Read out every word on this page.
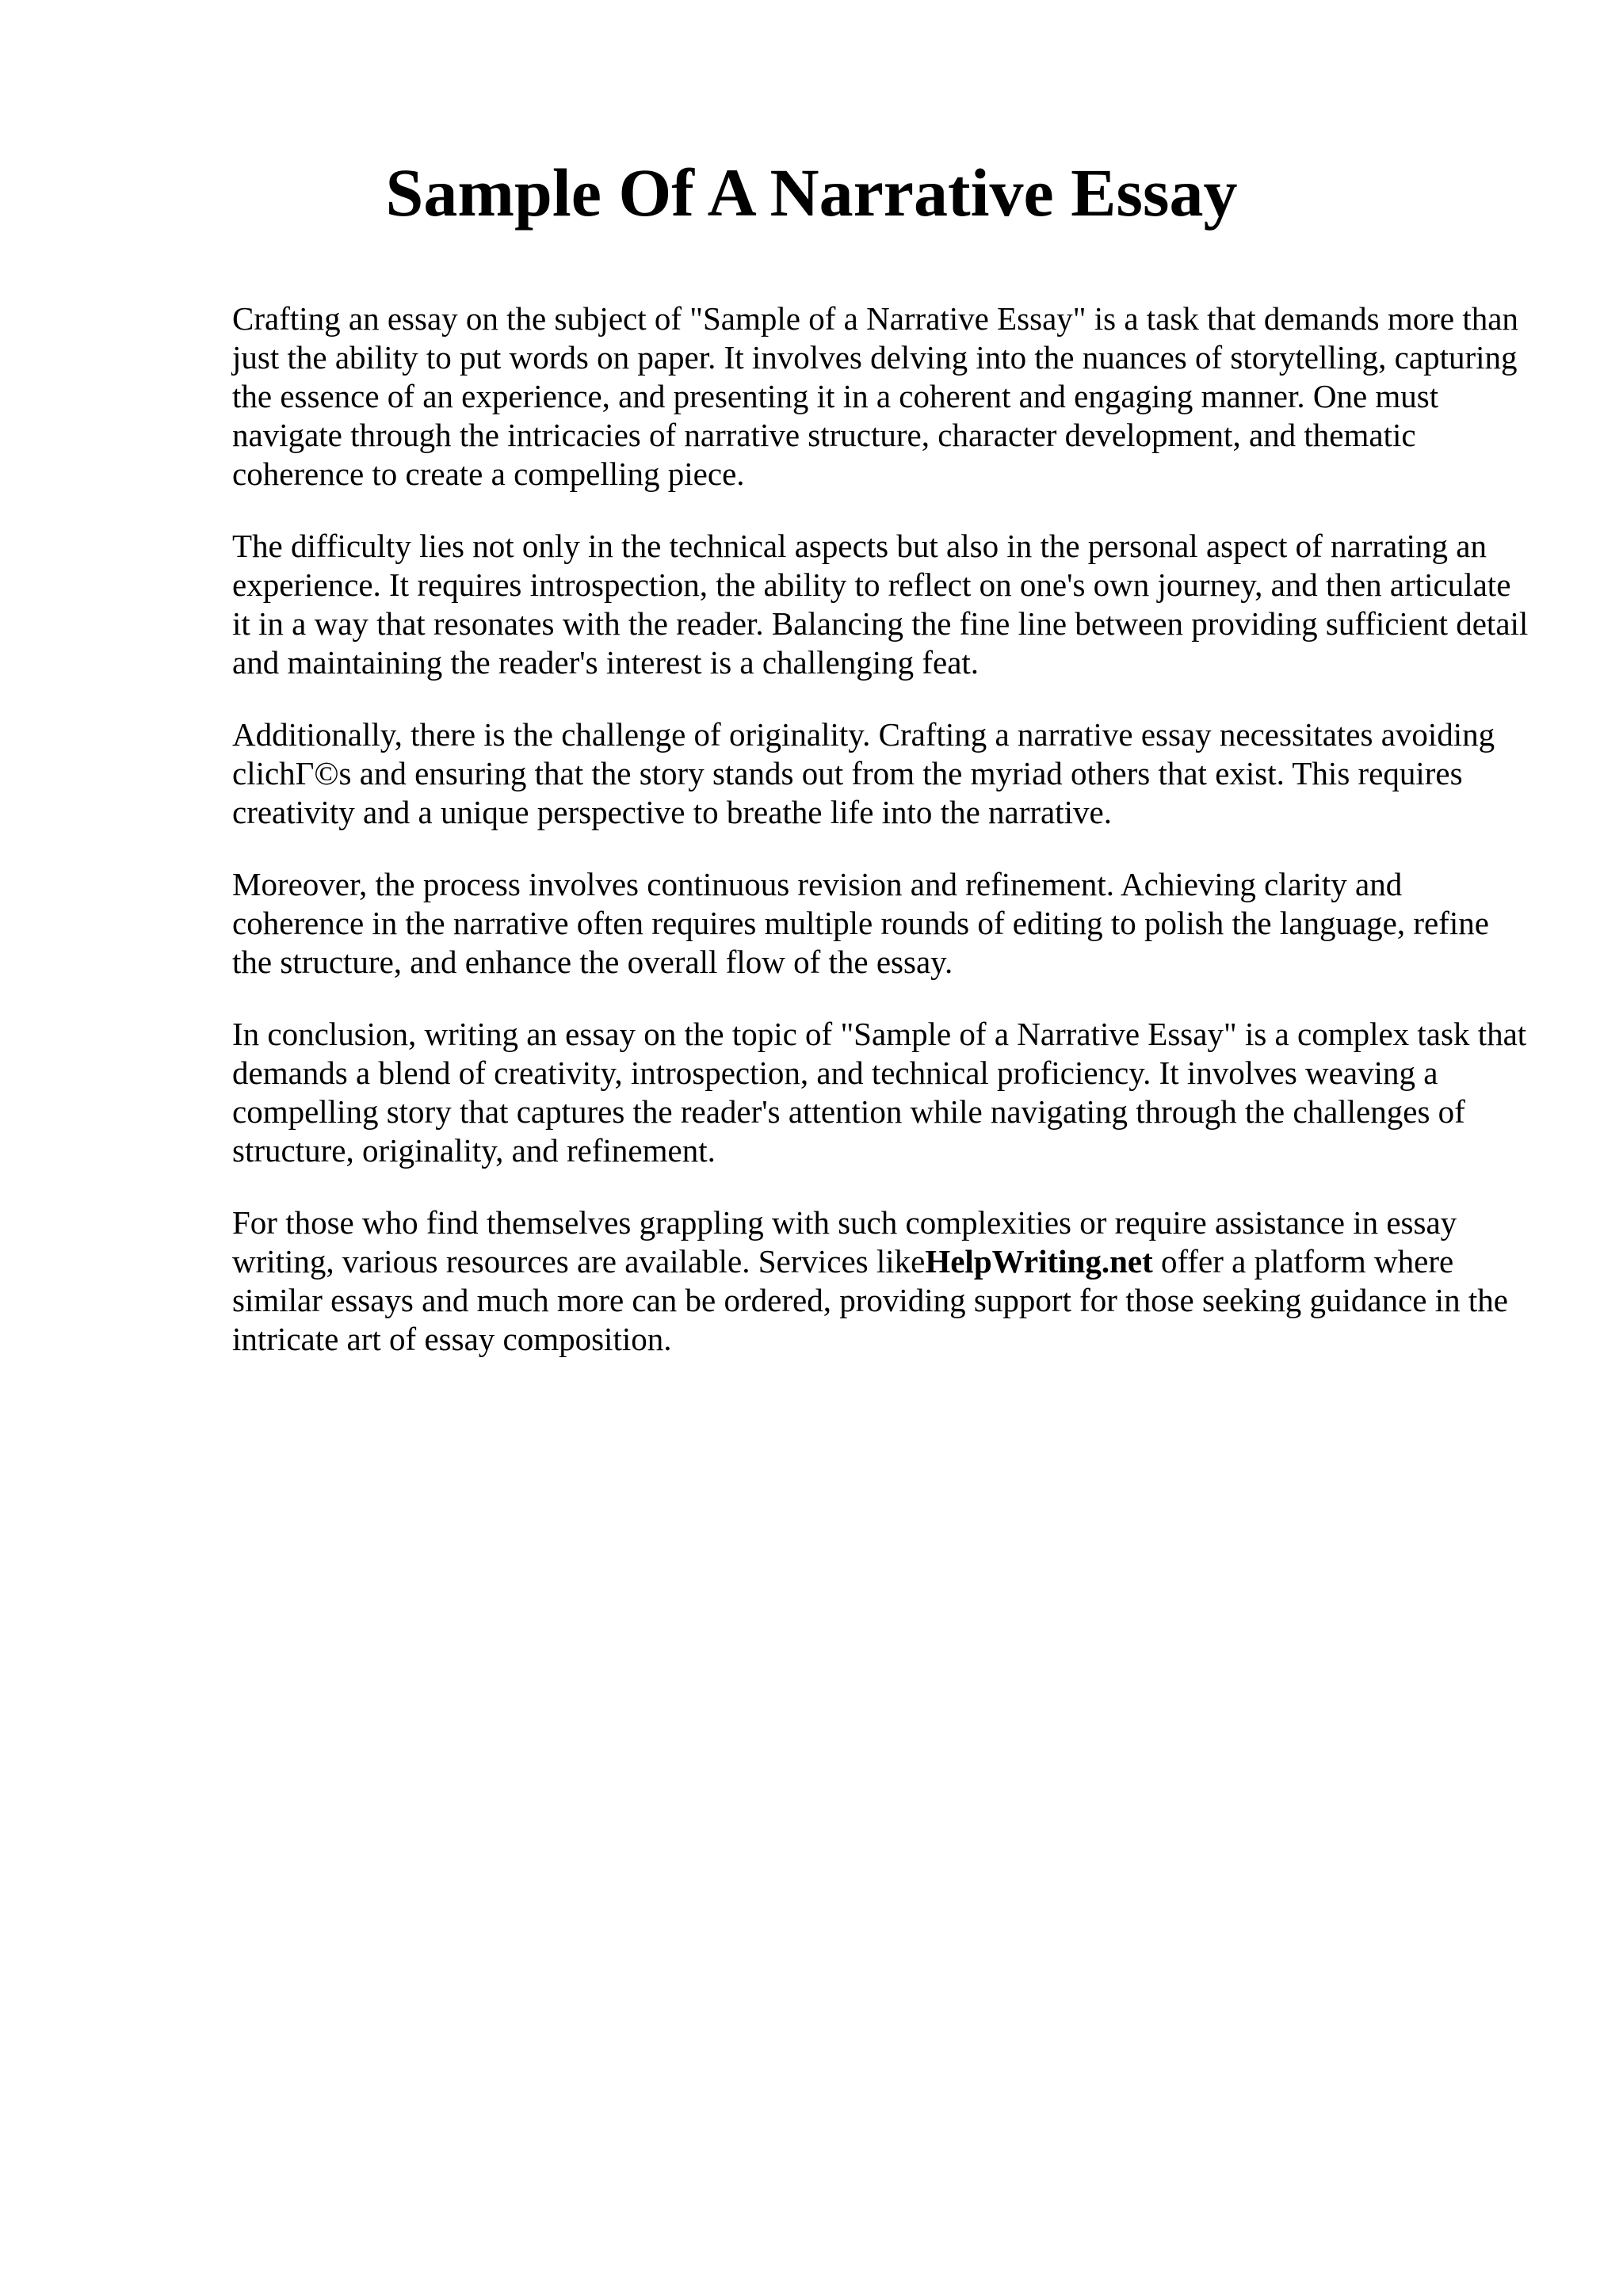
Sample Of A Narrative Essay

Crafting an essay on the subject of "Sample of a Narrative Essay" is a task that demands more than just the ability to put words on paper. It involves delving into the nuances of storytelling, capturing the essence of an experience, and presenting it in a coherent and engaging manner. One must navigate through the intricacies of narrative structure, character development, and thematic coherence to create a compelling piece.

The difficulty lies not only in the technical aspects but also in the personal aspect of narrating an experience. It requires introspection, the ability to reflect on one's own journey, and then articulate it in a way that resonates with the reader. Balancing the fine line between providing sufficient detail and maintaining the reader's interest is a challenging feat.

Additionally, there is the challenge of originality. Crafting a narrative essay necessitates avoiding clichΓ©s and ensuring that the story stands out from the myriad others that exist. This requires creativity and a unique perspective to breathe life into the narrative.

Moreover, the process involves continuous revision and refinement. Achieving clarity and coherence in the narrative often requires multiple rounds of editing to polish the language, refine the structure, and enhance the overall flow of the essay.

In conclusion, writing an essay on the topic of "Sample of a Narrative Essay" is a complex task that demands a blend of creativity, introspection, and technical proficiency. It involves weaving a compelling story that captures the reader's attention while navigating through the challenges of structure, originality, and refinement.

For those who find themselves grappling with such complexities or require assistance in essay writing, various resources are available. Services likeHelpWriting.net offer a platform where similar essays and much more can be ordered, providing support for those seeking guidance in the intricate art of essay composition.
